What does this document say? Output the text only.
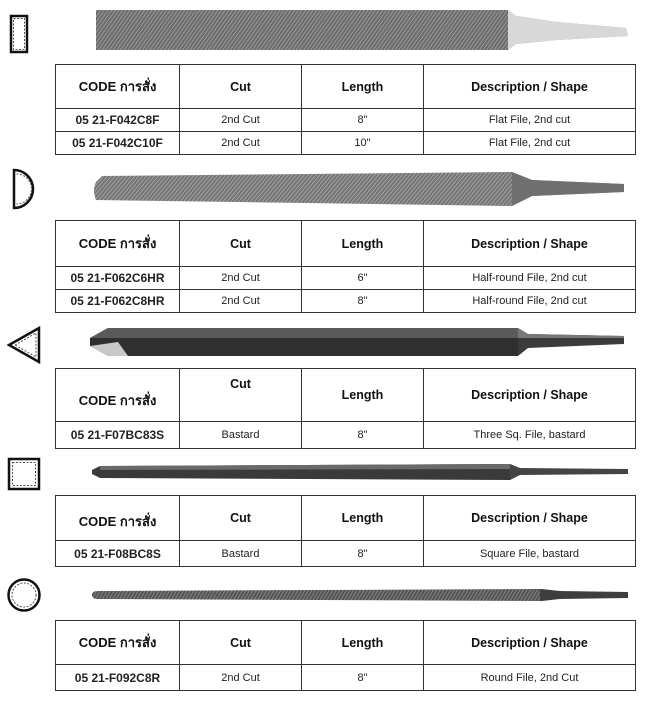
CODE การสั่ง	Cut	Length	Description / Shape
05 21-F042C8F	2nd Cut	8"	Flat File, 2nd cut
05 21-F042C10F	2nd Cut	10"	Flat File, 2nd cut
CODE การสั่ง	Cut	Length	Description / Shape
05 21-F062C6HR	2nd Cut	6"	Half-round File, 2nd cut
05 21-F062C8HR	2nd Cut	8"	Half-round File, 2nd cut
CODE การสั่ง	Cut	Length	Description / Shape
05 21-F07BC83S	Bastard	8"	Three Sq. File, bastard
CODE การสั่ง	Cut	Length	Description / Shape
05 21-F08BC8S	Bastard	8"	Square File, bastard
CODE การสั่ง	Cut	Length	Description / Shape
05 21-F092C8R	2nd Cut	8"	Round File, 2nd Cut
